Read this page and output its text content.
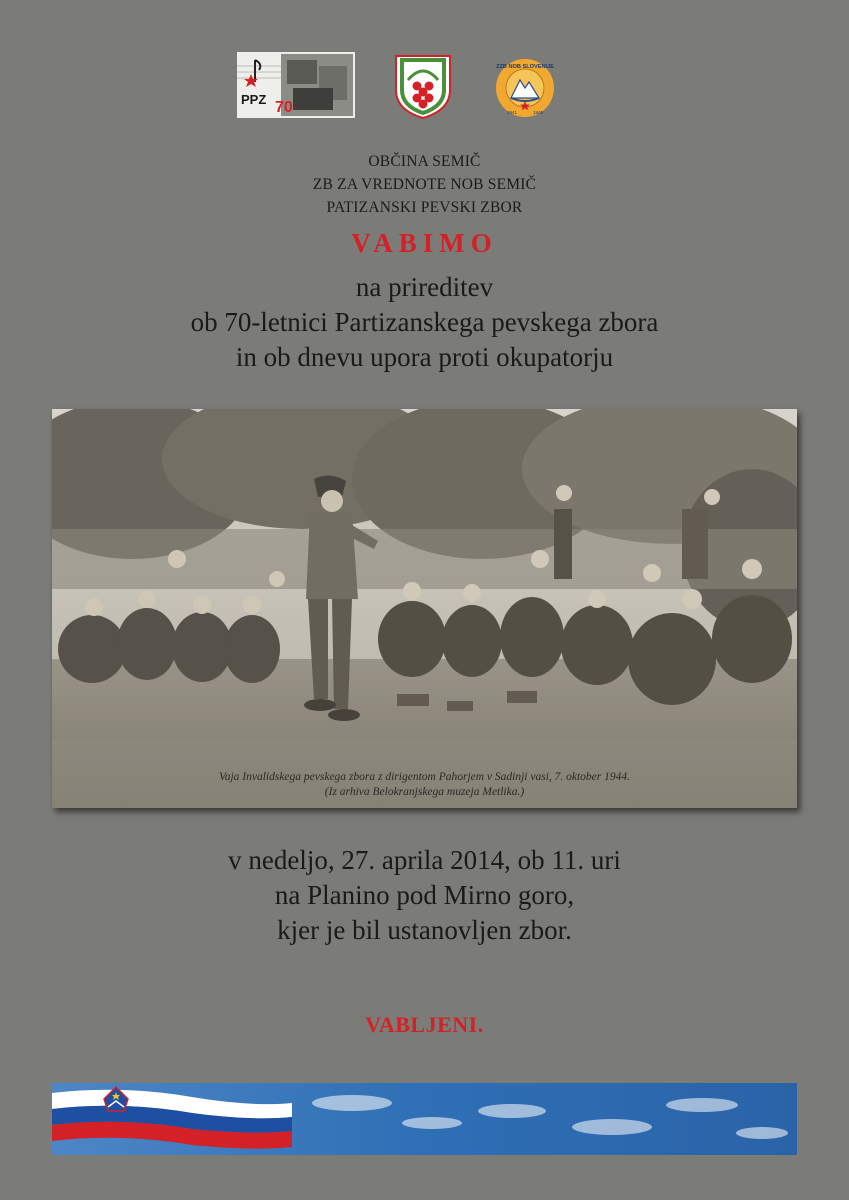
PPZ 70
ZZB NOB SLOVENIJE
1941	1945
OBČINA SEMIČ
ZB ZA VREDNOTE NOB SEMIČ
PATIZANSKI PEVSKI ZBOR
VABIMO
na prireditev
ob 70-letnici Partizanskega pevskega zbora
in ob dnevu upora proti okupatorju
Vaja Invalidskega pevskega zbora z dirigentom Pahorjem v Sadinji vasi, 7. oktober 1944.
(Iz arhiva Belokranjskega muzeja Metlika.)
v nedeljo, 27. aprila 2014, ob 11. uri
na Planino pod Mirno goro,
kjer je bil ustanovljen zbor.
VABLJENI.
